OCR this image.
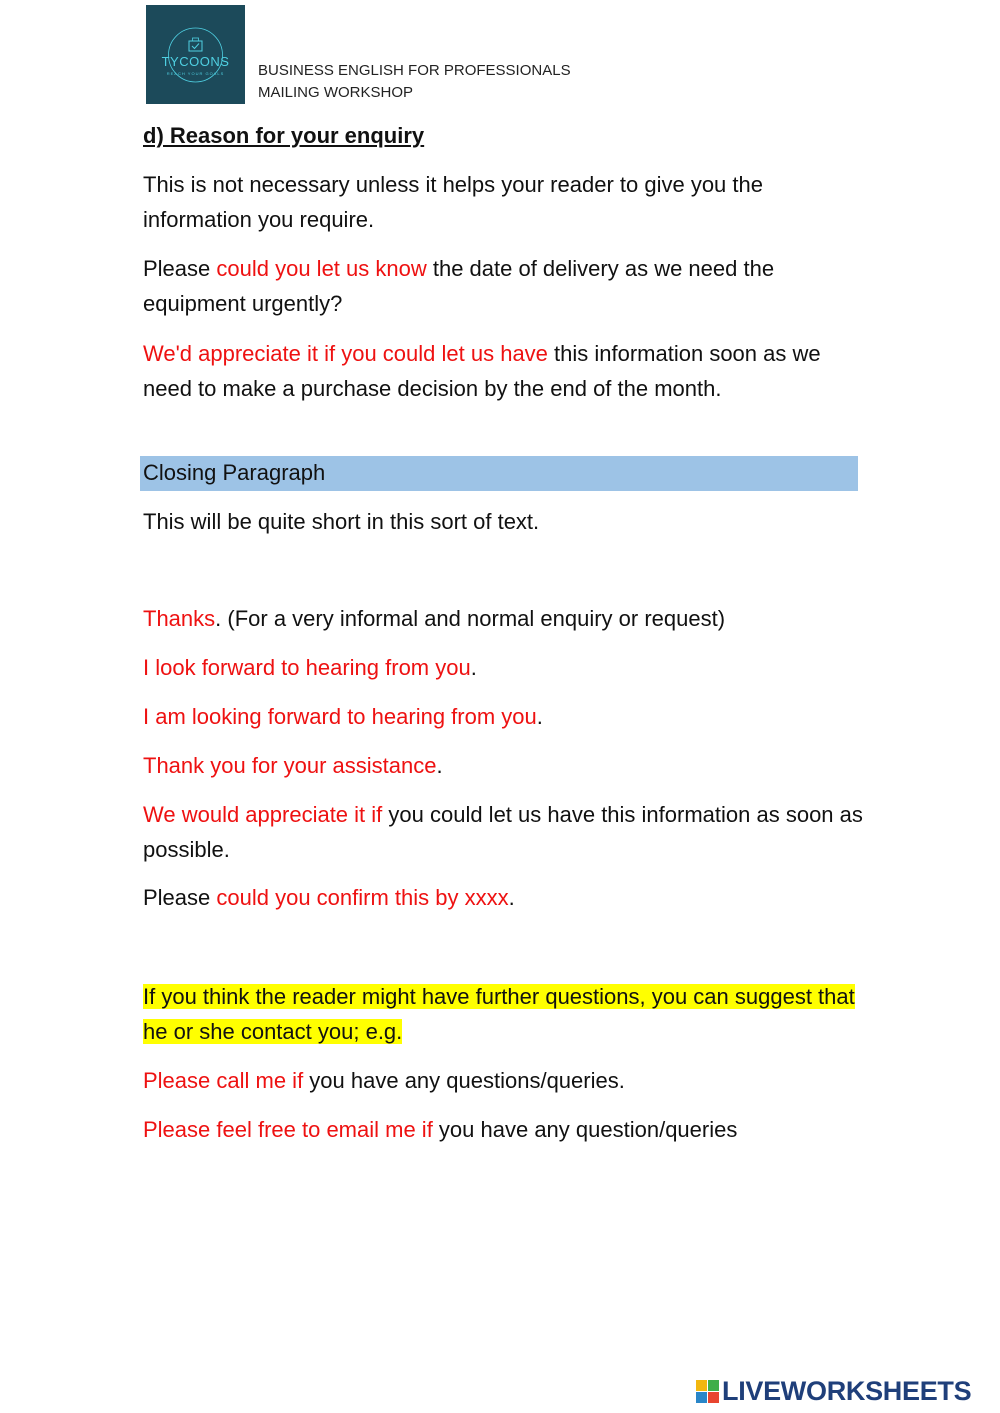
TYCOONS
REACH YOUR GOALS	BUSINESS ENGLISH FOR PROFESSIONALS
MAILING WORKSHOP
d) Reason for your enquiry
This is not necessary unless it helps your reader to give you the information you require.
Please could you let us know the date of delivery as we need the equipment urgently?
We'd appreciate it if you could let us have this information soon as we need to make a purchase decision by the end of the month.
Closing Paragraph
This will be quite short in this sort of text.
Thanks. (For a very informal and normal enquiry or request)
I look forward to hearing from you.
I am looking forward to hearing from you.
Thank you for your assistance.
We would appreciate it if you could let us have this information as soon as possible.
Please could you confirm this by xxxx.
If you think the reader might have further questions, you can suggest that he or she contact you; e.g.
Please call me if you have any questions/queries.
Please feel free to email me if you have any question/queries
LIVEWORKSHEETS
